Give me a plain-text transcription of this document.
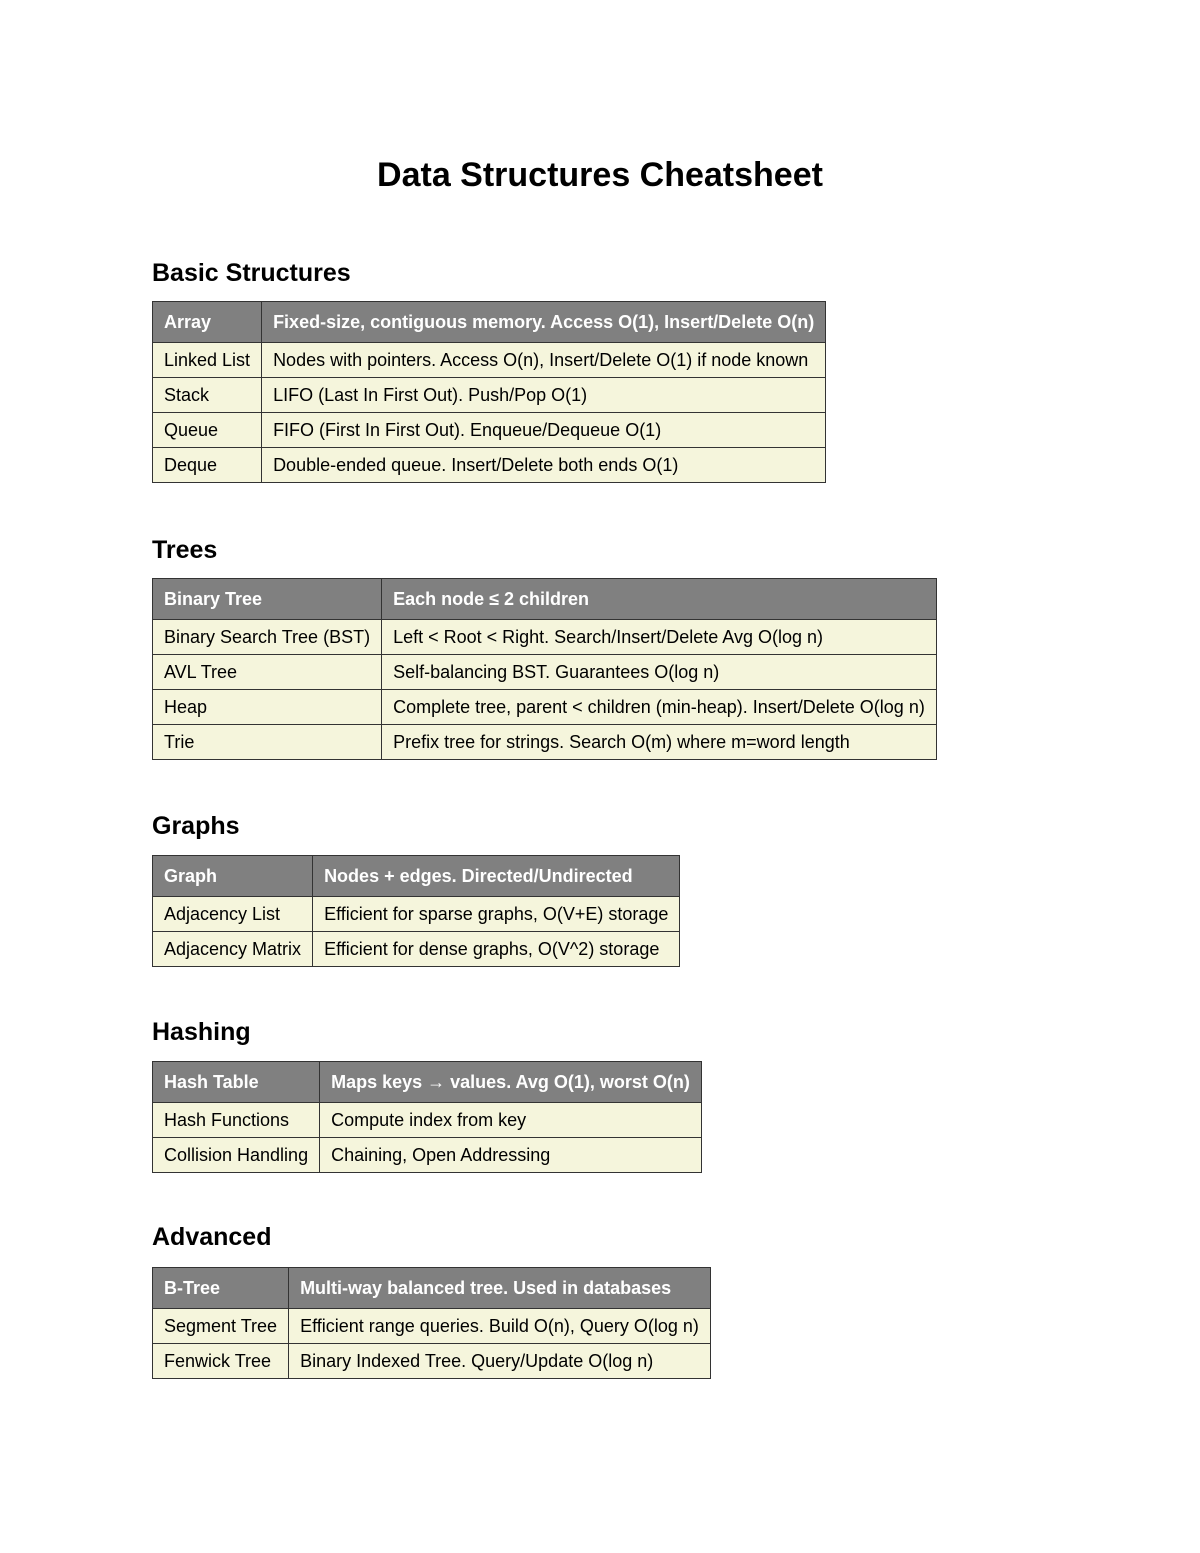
Data Structures Cheatsheet
Basic Structures
Array	Fixed-size, contiguous memory. Access O(1), Insert/Delete O(n)
Linked List	Nodes with pointers. Access O(n), Insert/Delete O(1) if node known
Stack	LIFO (Last In First Out). Push/Pop O(1)
Queue	FIFO (First In First Out). Enqueue/Dequeue O(1)
Deque	Double-ended queue. Insert/Delete both ends O(1)
Trees
Binary Tree	Each node ≤ 2 children
Binary Search Tree (BST)	Left < Root < Right. Search/Insert/Delete Avg O(log n)
AVL Tree	Self-balancing BST. Guarantees O(log n)
Heap	Complete tree, parent < children (min-heap). Insert/Delete O(log n)
Trie	Prefix tree for strings. Search O(m) where m=word length
Graphs
Graph	Nodes + edges. Directed/Undirected
Adjacency List	Efficient for sparse graphs, O(V+E) storage
Adjacency Matrix	Efficient for dense graphs, O(V^2) storage
Hashing
Hash Table	Maps keys → values. Avg O(1), worst O(n)
Hash Functions	Compute index from key
Collision Handling	Chaining, Open Addressing
Advanced
B-Tree	Multi-way balanced tree. Used in databases
Segment Tree	Efficient range queries. Build O(n), Query O(log n)
Fenwick Tree	Binary Indexed Tree. Query/Update O(log n)
